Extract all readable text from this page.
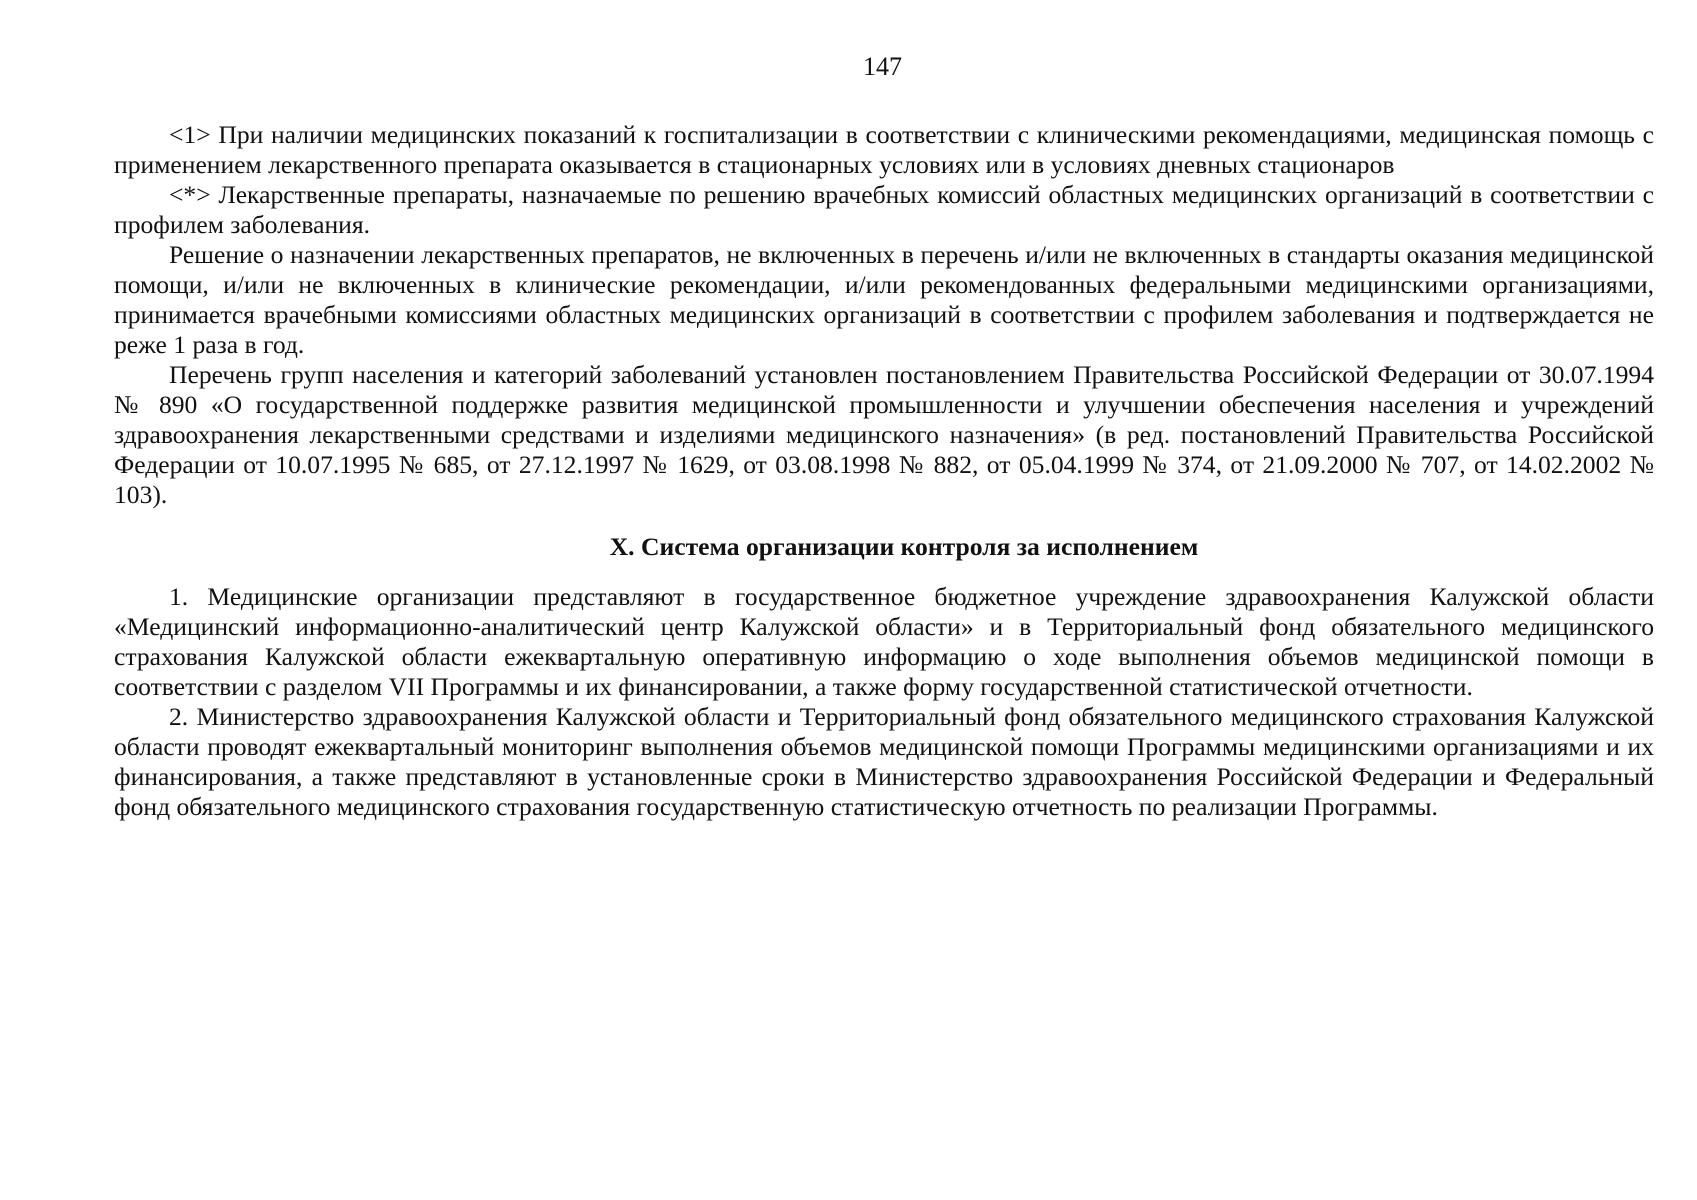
147

<1> При наличии медицинских показаний к госпитализации в соответствии с клиническими рекомендациями, медицинская помощь с применением лекарственного препарата оказывается в стационарных условиях или в условиях дневных стационаров

<*> Лекарственные препараты, назначаемые по решению врачебных комиссий областных медицинских организаций в соответствии с профилем заболевания.

Решение о назначении лекарственных препаратов, не включенных в перечень и/или не включенных в стандарты оказания медицинской помощи, и/или не включенных в клинические рекомендации, и/или рекомендованных федеральными медицинскими организациями, принимается врачебными комиссиями областных медицинских организаций в соответствии с профилем заболевания и подтверждается не реже 1 раза в год.

Перечень групп населения и категорий заболеваний установлен постановлением Правительства Российской Федерации от 30.07.1994 № 890 «О государственной поддержке развития медицинской промышленности и улучшении обеспечения населения и учреждений здравоохранения лекарственными средствами и изделиями медицинского назначения» (в ред. постановлений Правительства Российской Федерации от 10.07.1995 № 685, от 27.12.1997 № 1629, от 03.08.1998 № 882, от 05.04.1999 № 374, от 21.09.2000 № 707, от 14.02.2002 № 103).

X. Система организации контроля за исполнением

1. Медицинские организации представляют в государственное бюджетное учреждение здравоохранения Калужской области «Медицинский информационно-аналитический центр Калужской области» и в Территориальный фонд обязательного медицинского страхования Калужской области ежеквартальную оперативную информацию о ходе выполнения объемов медицинской помощи в соответствии с разделом VII Программы и их финансировании, а также форму государственной статистической отчетности.

2. Министерство здравоохранения Калужской области и Территориальный фонд обязательного медицинского страхования Калужской области проводят ежеквартальный мониторинг выполнения объемов медицинской помощи Программы медицинскими организациями и их финансирования, а также представляют в установленные сроки в Министерство здравоохранения Российской Федерации и Федеральный фонд обязательного медицинского страхования государственную статистическую отчетность по реализации Программы.
